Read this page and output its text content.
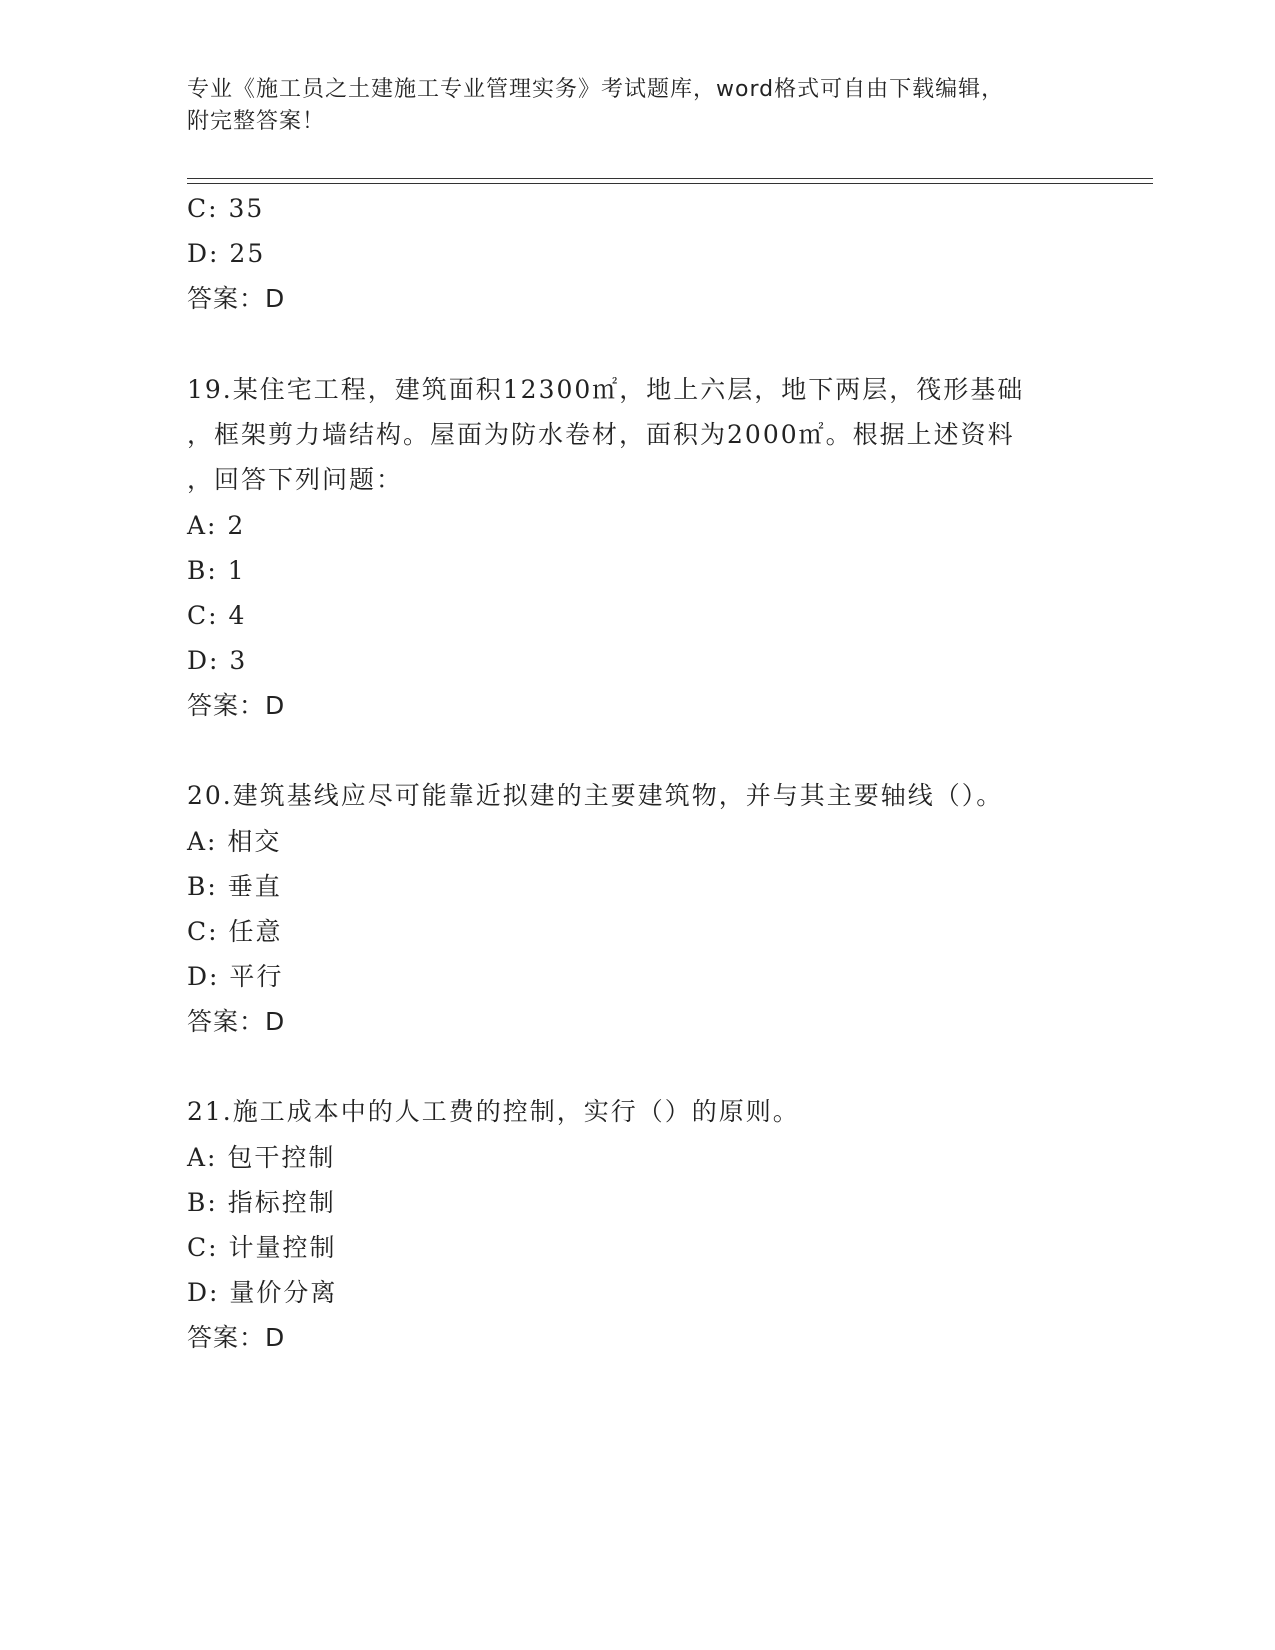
专业《施工员之土建施工专业管理实务》考试题库，word格式可自由下载编辑，
附完整答案！
C: 35
D: 25
答案：D
19.某住宅工程，建筑面积12300㎡，地上六层，地下两层，筏形基础
，框架剪力墙结构。屋面为防水卷材，面积为2000㎡。根据上述资料
，回答下列问题：
A: 2
B: 1
C: 4
D: 3
答案：D
20.建筑基线应尽可能靠近拟建的主要建筑物，并与其主要轴线（）。
A: 相交
B: 垂直
C: 任意
D: 平行
答案：D
21.施工成本中的人工费的控制，实行（）的原则。
A: 包干控制
B: 指标控制
C: 计量控制
D: 量价分离
答案：D
